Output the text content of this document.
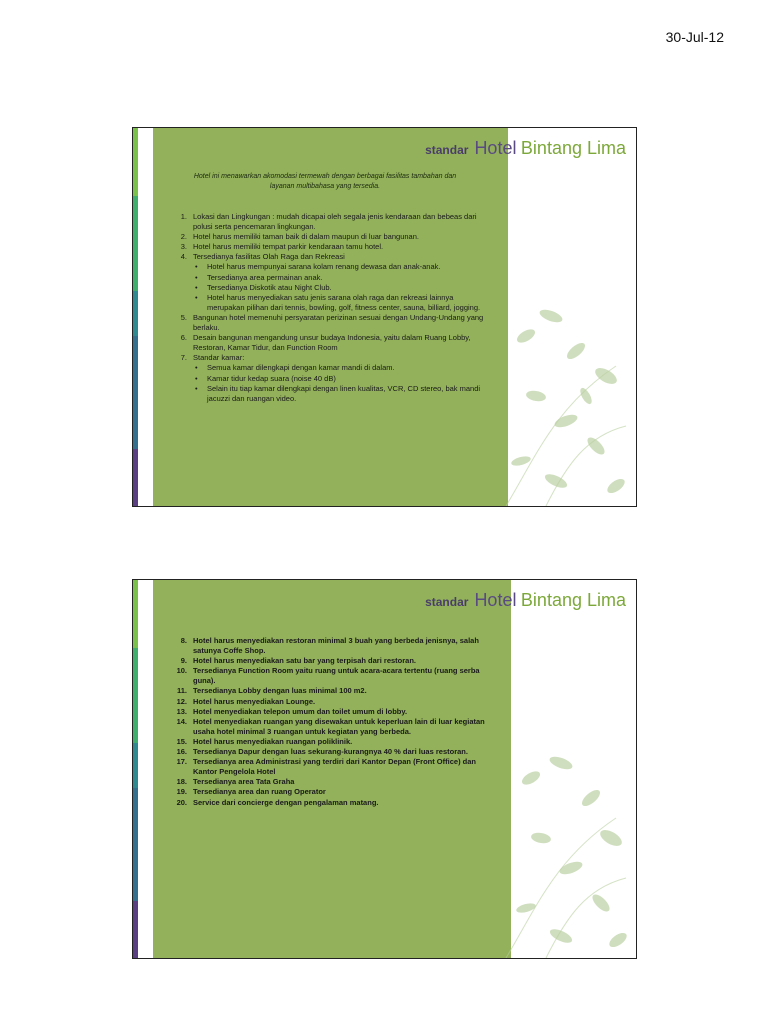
30-Jul-12
standar Hotel Bintang Lima
Hotel ini menawarkan akomodasi termewah dengan berbagai fasilitas tambahan dan layanan multibahasa yang tersedia.
1. Lokasi dan Lingkungan : mudah dicapai oleh segala jenis kendaraan dan bebeas dari polusi serta pencemaran lingkungan.
2. Hotel harus memiliki taman baik di dalam maupun di luar bangunan.
3. Hotel harus memiliki tempat parkir kendaraan tamu hotel.
4. Tersedianya fasilitas Olah Raga dan Rekreasi
• Hotel harus mempunyai sarana kolam renang dewasa dan anak-anak.
• Tersedianya area permainan anak.
• Tersedianya Diskotik atau Night Club.
• Hotel harus menyediakan satu jenis sarana olah raga dan rekreasi lainnya merupakan pilihan dari tennis, bowling, golf, fitness center, sauna, billiard, jogging.
5. Bangunan hotel memenuhi persyaratan perizinan sesuai dengan Undang-Undang yang berlaku.
6. Desain bangunan mengandung unsur budaya Indonesia, yaitu dalam Ruang Lobby, Restoran, Kamar Tidur, dan Function Room
7. Standar kamar:
• Semua kamar dilengkapi dengan kamar mandi di dalam.
• Kamar tidur kedap suara (noise 40 dB)
• Selain itu tiap kamar dilengkapi dengan linen kualitas, VCR, CD stereo, bak mandi jacuzzi dan ruangan video.
standar Hotel Bintang Lima
8. Hotel harus menyediakan restoran minimal 3 buah yang berbeda jenisnya, salah satunya Coffe Shop.
9. Hotel harus menyediakan satu bar yang terpisah dari restoran.
10. Tersedianya Function Room yaitu ruang untuk acara-acara tertentu (ruang serba guna).
11. Tersedianya Lobby dengan luas minimal 100 m2.
12. Hotel harus menyediakan Lounge.
13. Hotel menyediakan telepon umum dan toilet umum di lobby.
14. Hotel menyediakan ruangan yang disewakan untuk keperluan lain di luar kegiatan usaha hotel minimal 3 ruangan untuk kegiatan yang berbeda.
15. Hotel harus menyediakan ruangan poliklinik.
16. Tersedianya Dapur dengan luas sekurang-kurangnya 40 % dari luas restoran.
17. Tersedianya area Administrasi yang terdiri dari Kantor Depan (Front Office) dan Kantor Pengelola Hotel
18. Tersedianya area Tata Graha
19. Tersedianya area dan ruang Operator
20. Service dari concierge dengan pengalaman matang.
